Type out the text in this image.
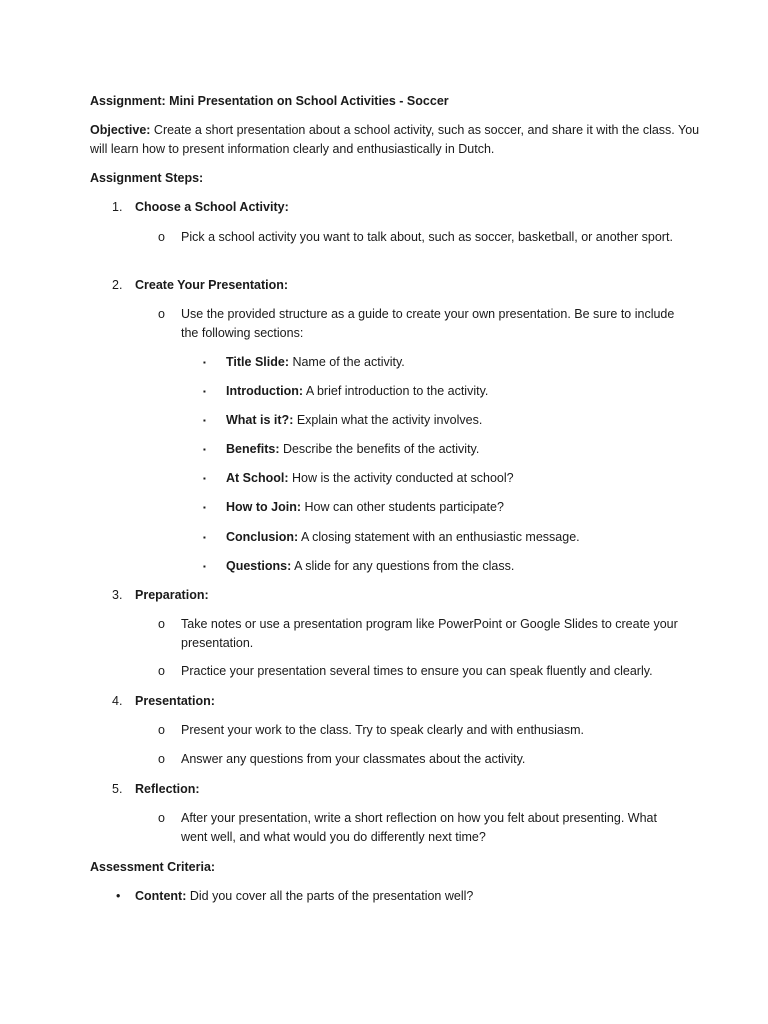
Assignment: Mini Presentation on School Activities - Soccer
Objective: Create a short presentation about a school activity, such as soccer, and share it with the class. You will learn how to present information clearly and enthusiastically in Dutch.
Assignment Steps:
1. Choose a School Activity:
o Pick a school activity you want to talk about, such as soccer, basketball, or another sport.
2. Create Your Presentation:
o Use the provided structure as a guide to create your own presentation. Be sure to include the following sections:
▪ Title Slide: Name of the activity.
▪ Introduction: A brief introduction to the activity.
▪ What is it?: Explain what the activity involves.
▪ Benefits: Describe the benefits of the activity.
▪ At School: How is the activity conducted at school?
▪ How to Join: How can other students participate?
▪ Conclusion: A closing statement with an enthusiastic message.
▪ Questions: A slide for any questions from the class.
3. Preparation:
o Take notes or use a presentation program like PowerPoint or Google Slides to create your presentation.
o Practice your presentation several times to ensure you can speak fluently and clearly.
4. Presentation:
o Present your work to the class. Try to speak clearly and with enthusiasm.
o Answer any questions from your classmates about the activity.
5. Reflection:
o After your presentation, write a short reflection on how you felt about presenting. What went well, and what would you do differently next time?
Assessment Criteria:
• Content: Did you cover all the parts of the presentation well?
